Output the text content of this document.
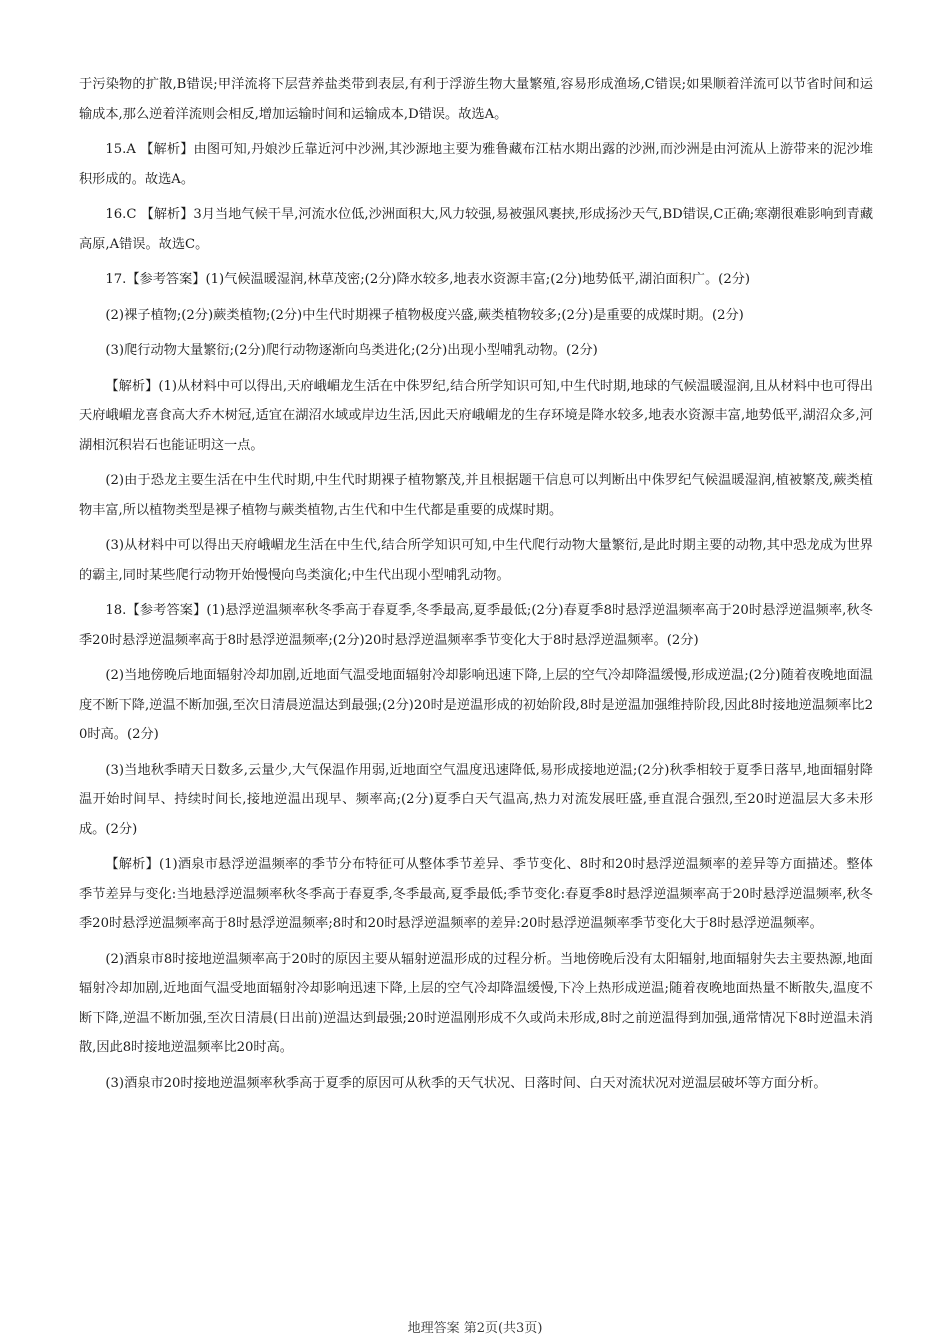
于污染物的扩散,B错误;甲洋流将下层营养盐类带到表层,有利于浮游生物大量繁殖,容易形成渔场,C错误;如果顺着洋流可以节省时间和运输成本,那么逆着洋流则会相反,增加运输时间和运输成本,D错误。故选A。

15.A 【解析】由图可知,丹娘沙丘靠近河中沙洲,其沙源地主要为雅鲁藏布江枯水期出露的沙洲,而沙洲是由河流从上游带来的泥沙堆积形成的。故选A。

16.C 【解析】3月当地气候干旱,河流水位低,沙洲面积大,风力较强,易被强风裹挟,形成扬沙天气,BD错误,C正确;寒潮很难影响到青藏高原,A错误。故选C。

17.【参考答案】(1)气候温暖湿润,林草茂密;(2分)降水较多,地表水资源丰富;(2分)地势低平,湖泊面积广。(2分)

(2)裸子植物;(2分)蕨类植物;(2分)中生代时期裸子植物极度兴盛,蕨类植物较多;(2分)是重要的成煤时期。(2分)

(3)爬行动物大量繁衍;(2分)爬行动物逐渐向鸟类进化;(2分)出现小型哺乳动物。(2分)

【解析】(1)从材料中可以得出,天府峨嵋龙生活在中侏罗纪,结合所学知识可知,中生代时期,地球的气候温暖湿润,且从材料中也可得出天府峨嵋龙喜食高大乔木树冠,适宜在湖沼水域或岸边生活,因此天府峨嵋龙的生存环境是降水较多,地表水资源丰富,地势低平,湖沼众多,河湖相沉积岩石也能证明这一点。

(2)由于恐龙主要生活在中生代时期,中生代时期裸子植物繁茂,并且根据题干信息可以判断出中侏罗纪气候温暖湿润,植被繁茂,蕨类植物丰富,所以植物类型是裸子植物与蕨类植物,古生代和中生代都是重要的成煤时期。

(3)从材料中可以得出天府峨嵋龙生活在中生代,结合所学知识可知,中生代爬行动物大量繁衍,是此时期主要的动物,其中恐龙成为世界的霸主,同时某些爬行动物开始慢慢向鸟类演化;中生代出现小型哺乳动物。

18.【参考答案】(1)悬浮逆温频率秋冬季高于春夏季,冬季最高,夏季最低;(2分)春夏季8时悬浮逆温频率高于20时悬浮逆温频率,秋冬季20时悬浮逆温频率高于8时悬浮逆温频率;(2分)20时悬浮逆温频率季节变化大于8时悬浮逆温频率。(2分)

(2)当地傍晚后地面辐射冷却加剧,近地面气温受地面辐射冷却影响迅速下降,上层的空气冷却降温缓慢,形成逆温;(2分)随着夜晚地面温度不断下降,逆温不断加强,至次日清晨逆温达到最强;(2分)20时是逆温形成的初始阶段,8时是逆温加强维持阶段,因此8时接地逆温频率比20时高。(2分)

(3)当地秋季晴天日数多,云量少,大气保温作用弱,近地面空气温度迅速降低,易形成接地逆温;(2分)秋季相较于夏季日落早,地面辐射降温开始时间早、持续时间长,接地逆温出现早、频率高;(2分)夏季白天气温高,热力对流发展旺盛,垂直混合强烈,至20时逆温层大多未形成。(2分)

【解析】(1)酒泉市悬浮逆温频率的季节分布特征可从整体季节差异、季节变化、8时和20时悬浮逆温频率的差异等方面描述。整体季节差异与变化:当地悬浮逆温频率秋冬季高于春夏季,冬季最高,夏季最低;季节变化:春夏季8时悬浮逆温频率高于20时悬浮逆温频率,秋冬季20时悬浮逆温频率高于8时悬浮逆温频率;8时和20时悬浮逆温频率的差异:20时悬浮逆温频率季节变化大于8时悬浮逆温频率。

(2)酒泉市8时接地逆温频率高于20时的原因主要从辐射逆温形成的过程分析。当地傍晚后没有太阳辐射,地面辐射失去主要热源,地面辐射冷却加剧,近地面气温受地面辐射冷却影响迅速下降,上层的空气冷却降温缓慢,下冷上热形成逆温;随着夜晚地面热量不断散失,温度不断下降,逆温不断加强,至次日清晨(日出前)逆温达到最强;20时逆温刚形成不久或尚未形成,8时之前逆温得到加强,通常情况下8时逆温未消散,因此8时接地逆温频率比20时高。

(3)酒泉市20时接地逆温频率秋季高于夏季的原因可从秋季的天气状况、日落时间、白天对流状况对逆温层破坏等方面分析。

地理答案 第2页(共3页)
